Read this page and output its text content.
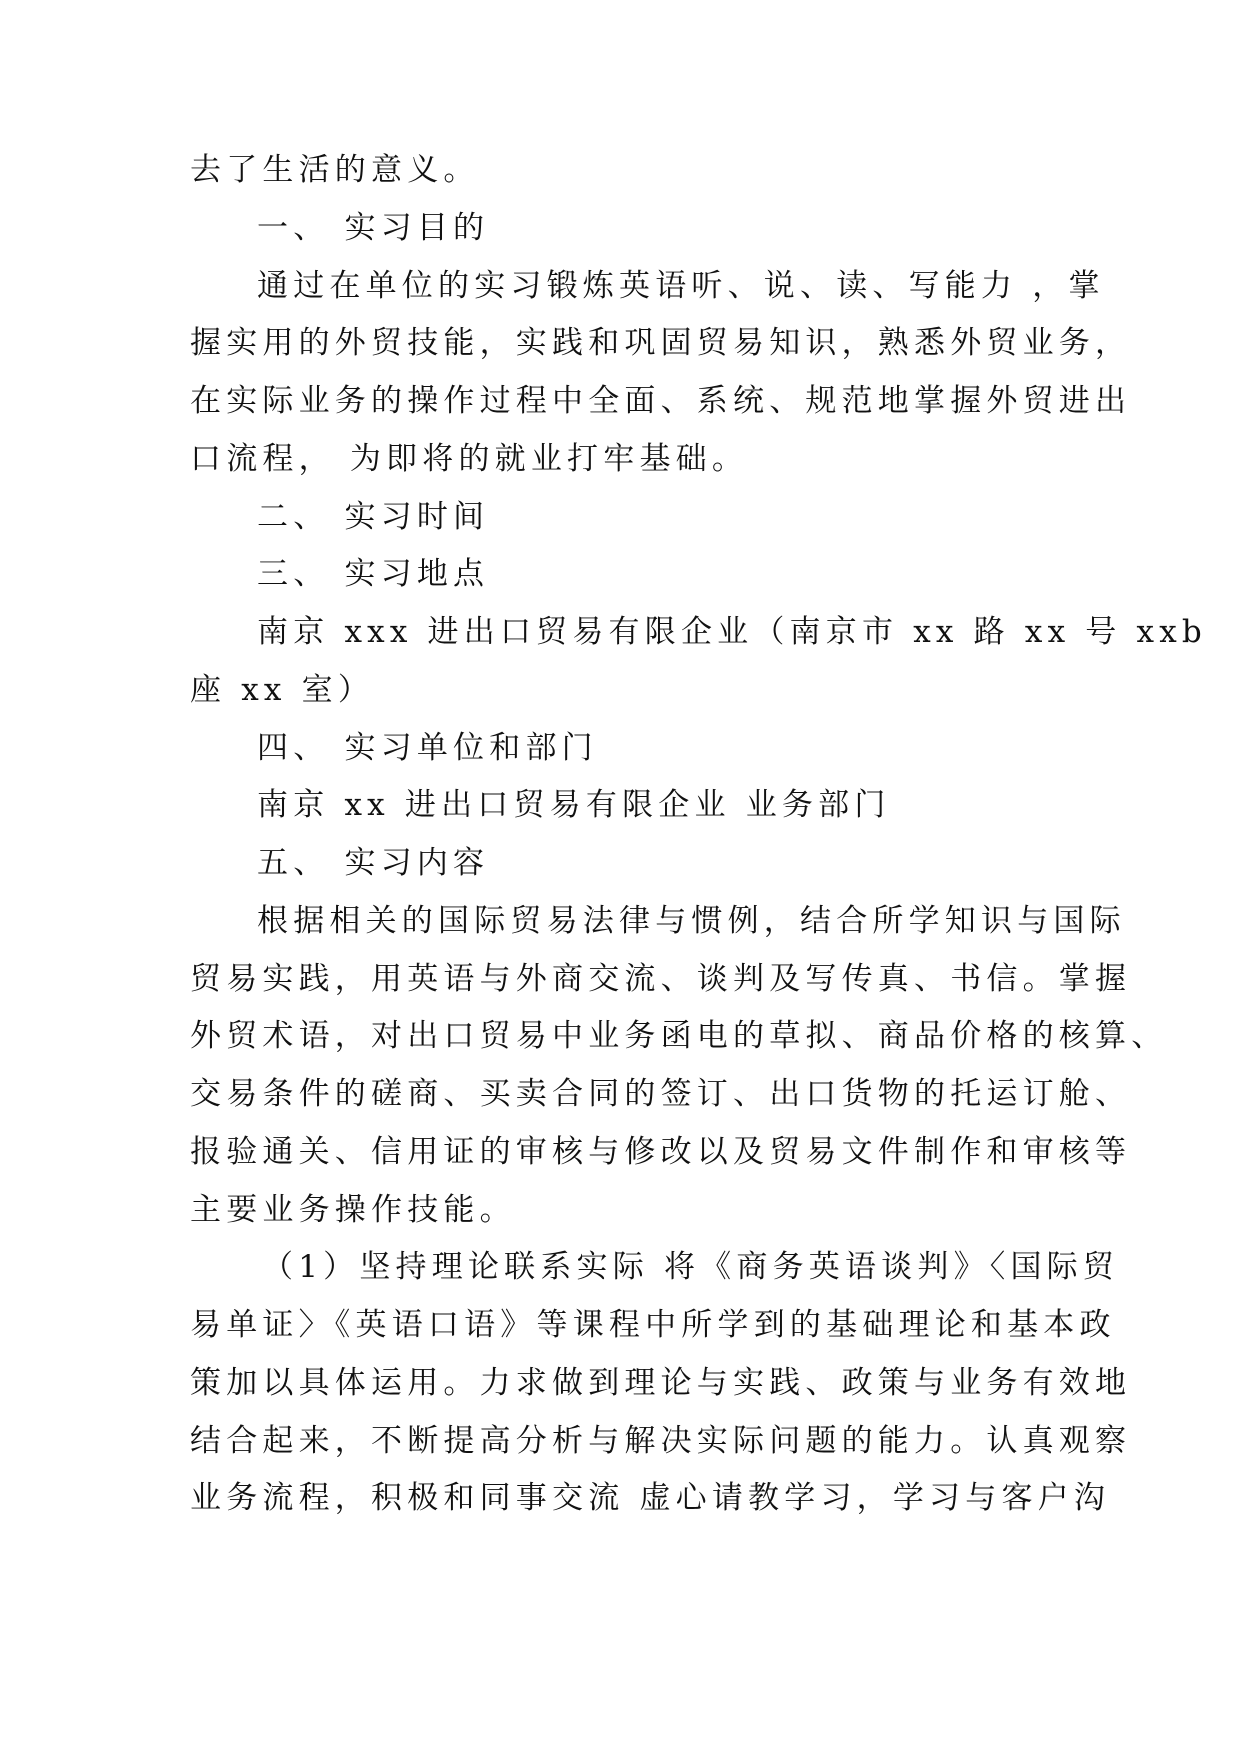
去了生活的意义。
一、 实习目的
通过在单位的实习锻炼英语听、说、读、写能力 ，掌
握实用的外贸技能，实践和巩固贸易知识，熟悉外贸业务，
在实际业务的操作过程中全面、系统、规范地掌握外贸进出
口流程， 为即将的就业打牢基础。
二、 实习时间
三、 实习地点
南京 xxx 进出口贸易有限企业（南京市 xx 路 xx 号 xxb
座 xx 室）
四、 实习单位和部门
南京 xx 进出口贸易有限企业 业务部门
五、 实习内容
根据相关的国际贸易法律与惯例，结合所学知识与国际
贸易实践，用英语与外商交流、谈判及写传真、书信。掌握
外贸术语，对出口贸易中业务函电的草拟、商品价格的核算、
交易条件的磋商、买卖合同的签订、出口货物的托运订舱、
报验通关、信用证的审核与修改以及贸易文件制作和审核等
主要业务操作技能。
（1）坚持理论联系实际 将《商务英语谈判》〈国际贸
易单证〉《英语口语》等课程中所学到的基础理论和基本政
策加以具体运用。力求做到理论与实践、政策与业务有效地
结合起来，不断提高分析与解决实际问题的能力。认真观察
业务流程，积极和同事交流 虚心请教学习，学习与客户沟
